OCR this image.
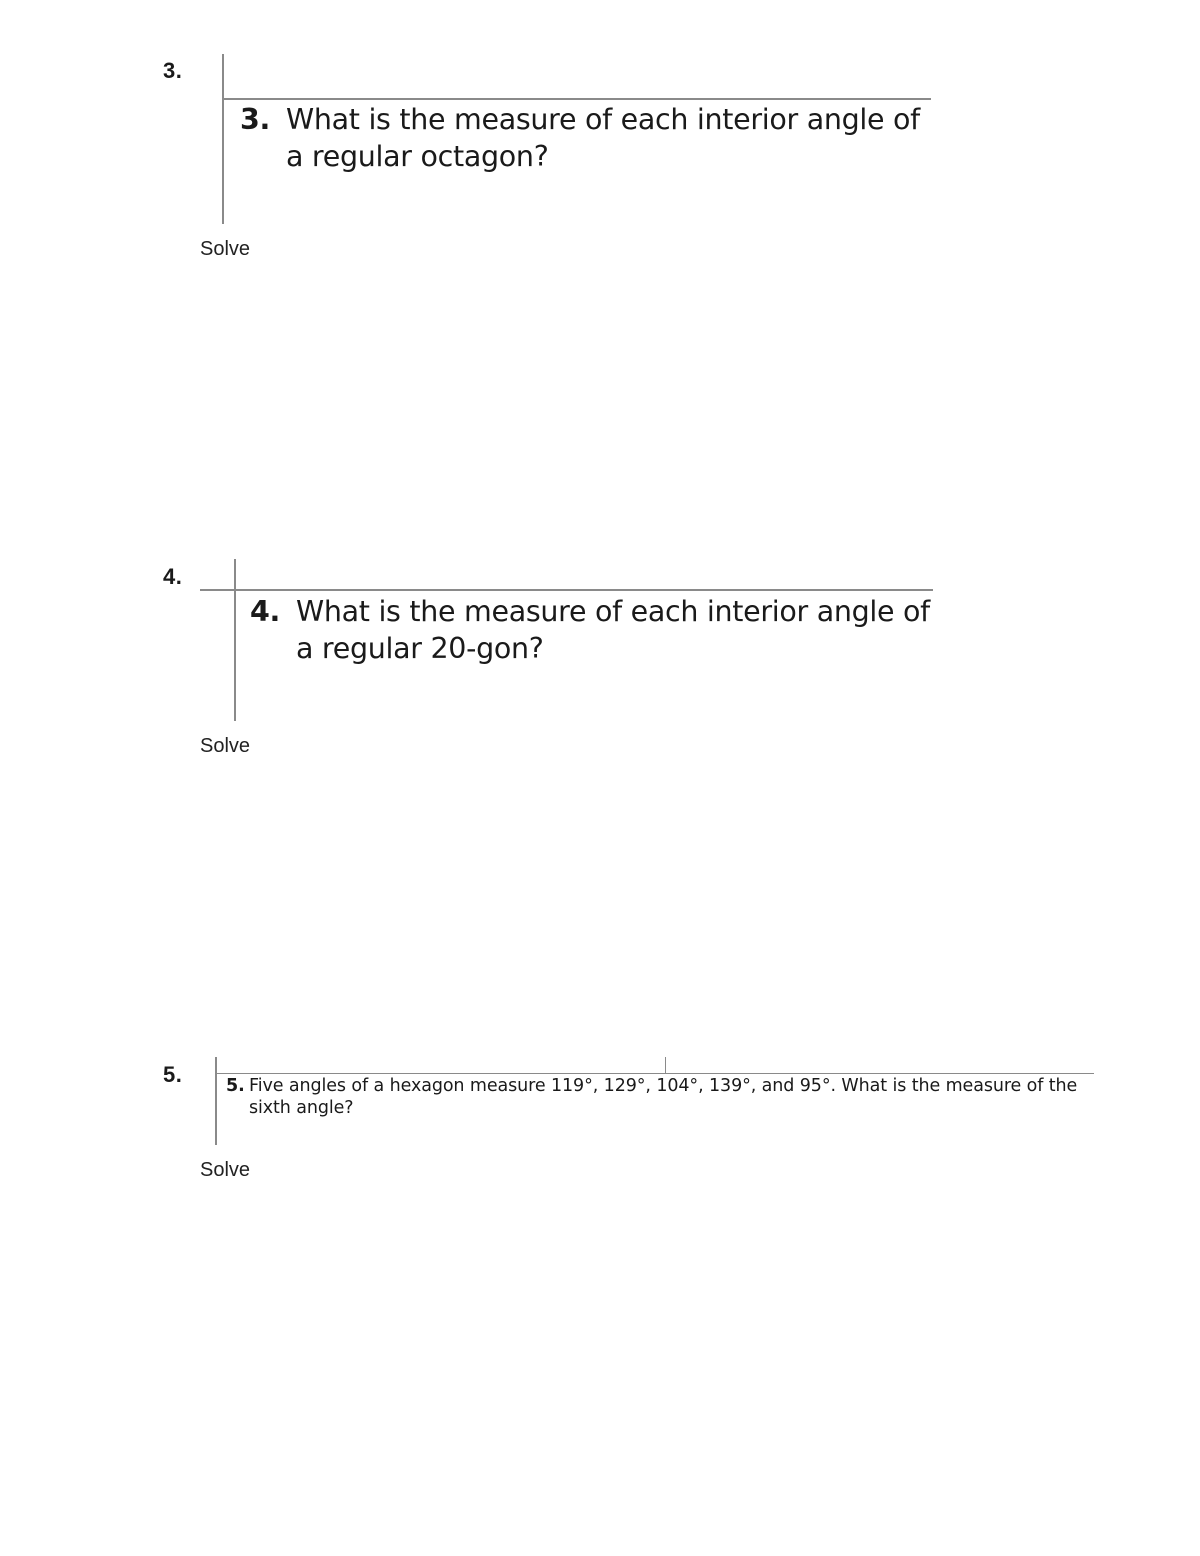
3.
3. What is the measure of each interior angle of
a regular octagon?
Solve
4.
4. What is the measure of each interior angle of
a regular 20-gon?
Solve
5. 5. Five angles of a hexagon measure 119°, 129°, 104°, 139°, and 95°. What is the measure of the
sixth angle?
Solve
